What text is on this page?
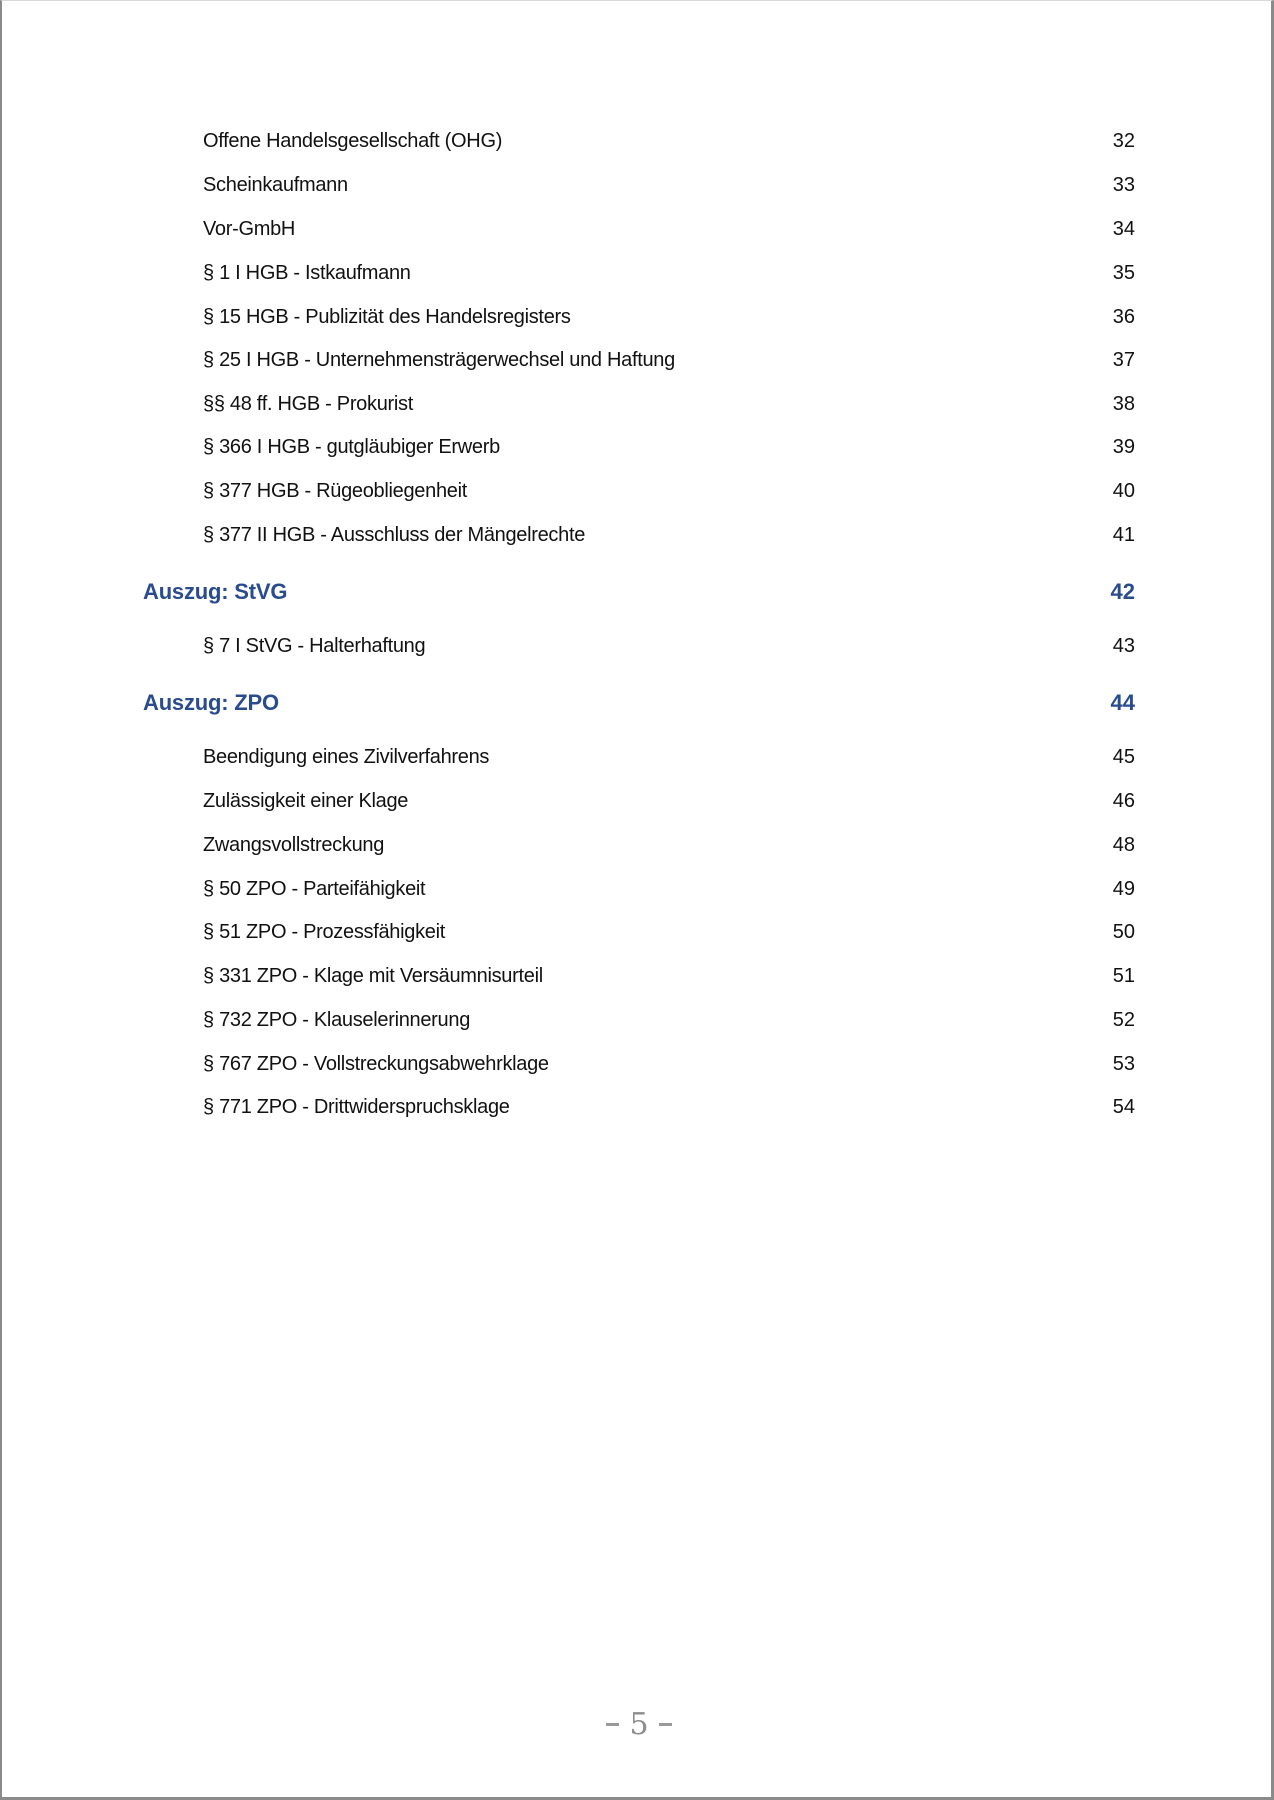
Offene Handelsgesellschaft (OHG)	32
Scheinkaufmann	33
Vor-GmbH	34
§ 1 I HGB - Istkaufmann	35
§ 15 HGB - Publizität des Handelsregisters	36
§ 25 I HGB - Unternehmensträgerwechsel und Haftung	37
§§ 48 ff. HGB - Prokurist	38
§ 366 I HGB - gutgläubiger Erwerb	39
§ 377 HGB - Rügeobliegenheit	40
§ 377 II HGB - Ausschluss der Mängelrechte	41
Auszug: StVG	42
§ 7 I StVG - Halterhaftung	43
Auszug: ZPO	44
Beendigung eines Zivilverfahrens	45
Zulässigkeit einer Klage	46
Zwangsvollstreckung	48
§ 50 ZPO - Parteifähigkeit	49
§ 51 ZPO - Prozessfähigkeit	50
§ 331 ZPO - Klage mit Versäumnisurteil	51
§ 732 ZPO - Klauselerinnerung	52
§ 767 ZPO - Vollstreckungsabwehrklage	53
§ 771 ZPO - Drittwiderspruchsklage	54
5
